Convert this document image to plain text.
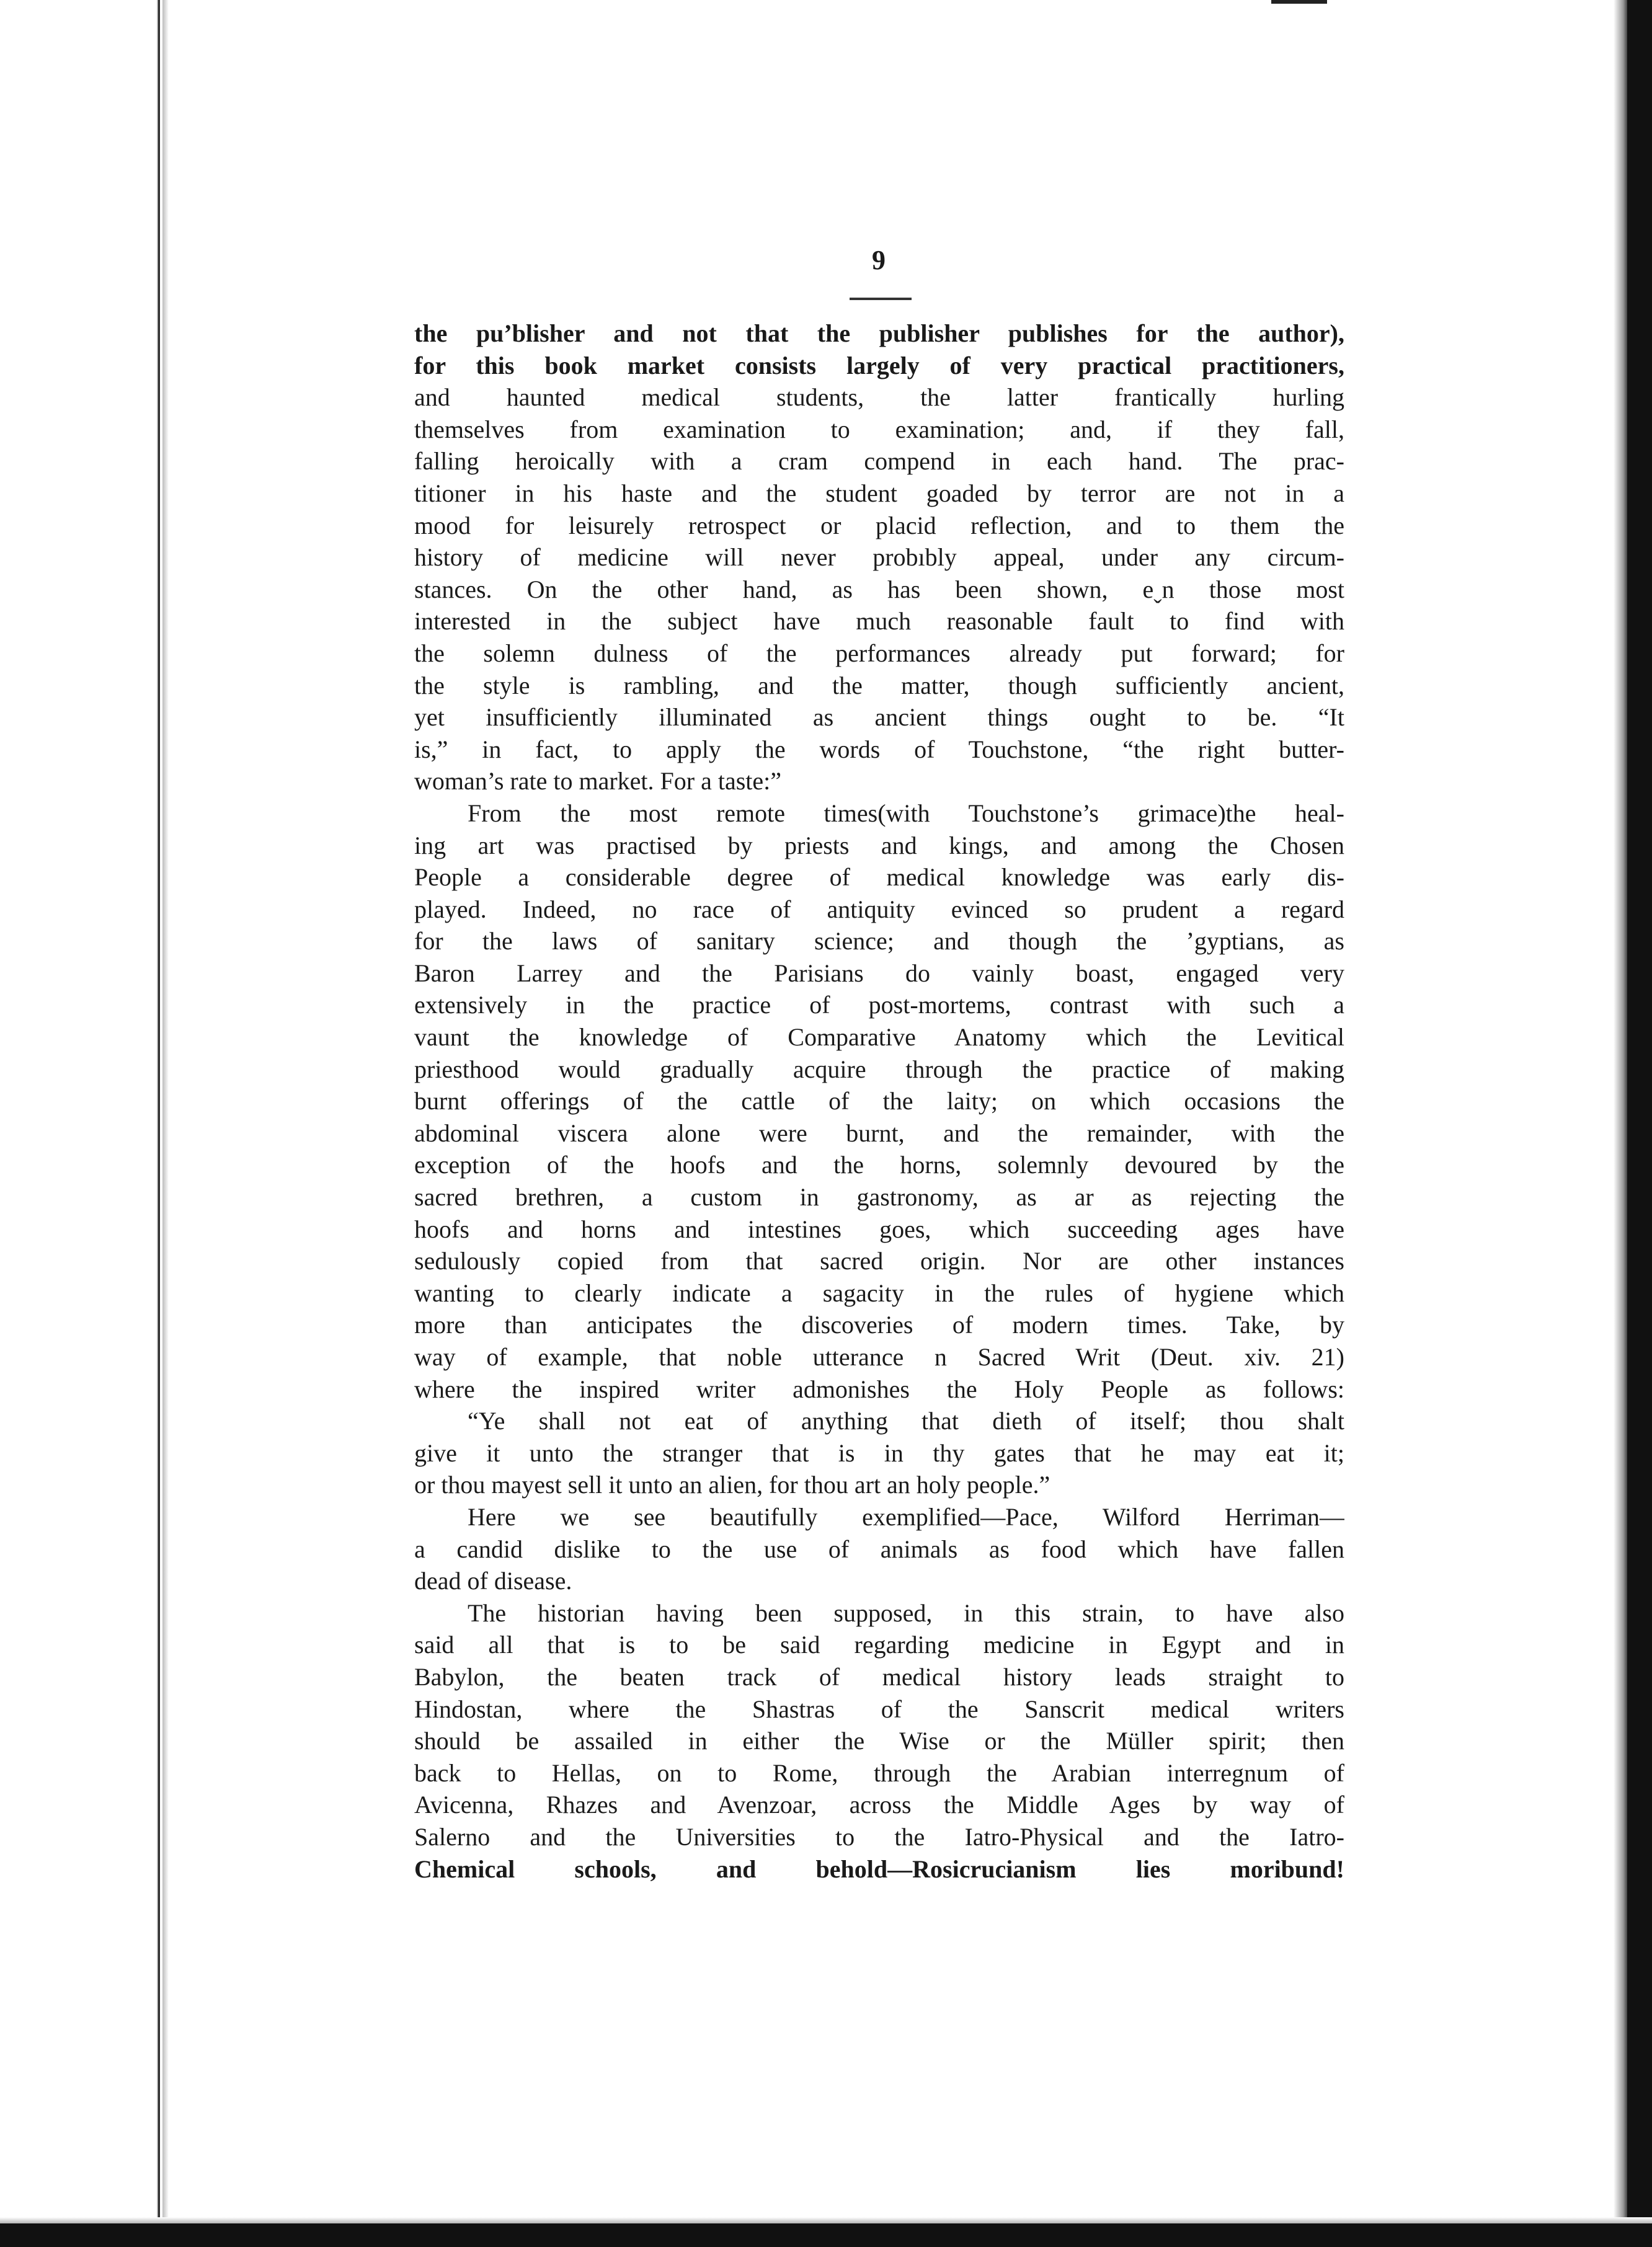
9
the pu’blisher and not that the publisher publishes for the author),
for this book market consists largely of very practical practitioners,
and haunted medical students, the latter frantically hurling
themselves from examination to examination; and, if they fall,
falling heroically with a cram compend in each hand. The prac-
titioner in his haste and the student goaded by terror are not in a
mood for leisurely retrospect or placid reflection, and to them the
history of medicine will never probıbly appeal, under any circum-
stances. On the other hand, as has been shown, eˬn those most
interested in the subject have much reasonable fault to find with
the solemn dulness of the performances already put forward; for
the style is rambling, and the matter, though sufficiently ancient,
yet insufficiently illuminated as ancient things ought to be. “It
is,” in fact, to apply the words of Touchstone, “the right butter-
woman’s rate to market. For a taste:”
From the most remote times(with Touchstone’s grimace)the heal-
ing art was practised by priests and kings, and among the Chosen
People a considerable degree of medical knowledge was early dis-
played. Indeed, no race of antiquity evinced so prudent a regard
for the laws of sanitary science; and though the ’gyptians, as
Baron Larrey and the Parisians do vainly boast, engaged very
extensively in the practice of post-mortems, contrast with such a
vaunt the knowledge of Comparative Anatomy which the Levitical
priesthood would gradually acquire through the practice of making
burnt offerings of the cattle of the laity; on which occasions the
abdominal viscera alone were burnt, and the remainder, with the
exception of the hoofs and the horns, solemnly devoured by the
sacred brethren, a custom in gastronomy, as ar as rejecting the
hoofs and horns and intestines goes, which succeeding ages have
sedulously copied from that sacred origin. Nor are other instances
wanting to clearly indicate a sagacity in the rules of hygiene which
more than anticipates the discoveries of modern times. Take, by
way of example, that noble utterance n Sacred Writ (Deut. xiv. 21)
where the inspired writer admonishes the Holy People as follows:
“Ye shall not eat of anything that dieth of itself; thou shalt
give it unto the stranger that is in thy gates that he may eat it;
or thou mayest sell it unto an alien, for thou art an holy people.”
Here we see beautifully exemplified—Pace, Wilford Herriman—
a candid dislike to the use of animals as food which have fallen
dead of disease.
The historian having been supposed, in this strain, to have also
said all that is to be said regarding medicine in Egypt and in
Babylon, the beaten track of medical history leads straight to
Hindostan, where the Shastras of the Sanscrit medical writers
should be assailed in either the Wise or the Müller spirit; then
back to Hellas, on to Rome, through the Arabian interregnum of
Avicenna, Rhazes and Avenzoar, across the Middle Ages by way of
Salerno and the Universities to the Iatro-Physical and the Iatro-
Chemical schools, and behold—Rosicrucianism lies moribund!
